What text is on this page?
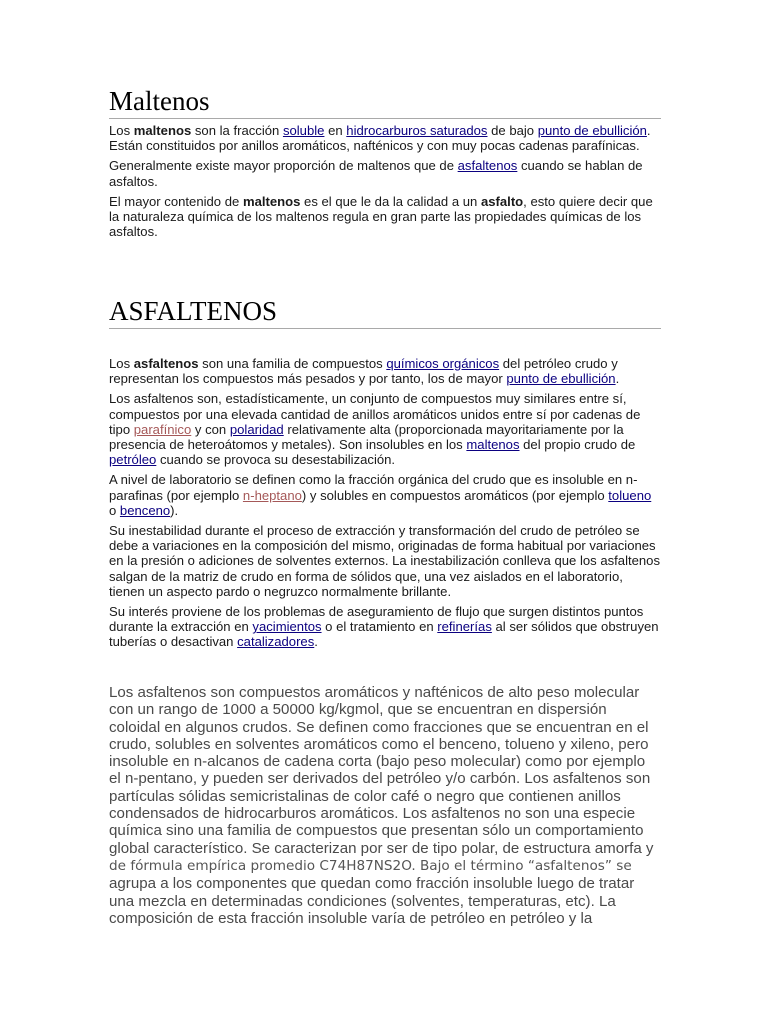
Maltenos

Los maltenos son la fracción soluble en hidrocarburos saturados de bajo punto de ebullición. Están constituidos por anillos aromáticos, nafténicos y con muy pocas cadenas parafínicas.

Generalmente existe mayor proporción de maltenos que de asfaltenos cuando se hablan de asfaltos.

El mayor contenido de maltenos es el que le da la calidad a un asfalto, esto quiere decir que la naturaleza química de los maltenos regula en gran parte las propiedades químicas de los asfaltos.

ASFALTENOS

Los asfaltenos son una familia de compuestos químicos orgánicos del petróleo crudo y representan los compuestos más pesados y por tanto, los de mayor punto de ebullición.

Los asfaltenos son, estadísticamente, un conjunto de compuestos muy similares entre sí, compuestos por una elevada cantidad de anillos aromáticos unidos entre sí por cadenas de tipo parafínico y con polaridad relativamente alta (proporcionada mayoritariamente por la presencia de heteroátomos y metales). Son insolubles en los maltenos del propio crudo de petróleo cuando se provoca su desestabilización.

A nivel de laboratorio se definen como la fracción orgánica del crudo que es insoluble en n-parafinas (por ejemplo n-heptano) y solubles en compuestos aromáticos (por ejemplo tolueno o benceno).

Su inestabilidad durante el proceso de extracción y transformación del crudo de petróleo se debe a variaciones en la composición del mismo, originadas de forma habitual por variaciones en la presión o adiciones de solventes externos. La inestabilización conlleva que los asfaltenos salgan de la matriz de crudo en forma de sólidos que, una vez aislados en el laboratorio, tienen un aspecto pardo o negruzco normalmente brillante.

Su interés proviene de los problemas de aseguramiento de flujo que surgen distintos puntos durante la extracción en yacimientos o el tratamiento en refinerías al ser sólidos que obstruyen tuberías o desactivan catalizadores.

Los asfaltenos son compuestos aromáticos y nafténicos de alto peso molecular con un rango de 1000 a 50000 kg/kgmol, que se encuentran en dispersión coloidal en algunos crudos. Se definen como fracciones que se encuentran en el crudo, solubles en solventes aromáticos como el benceno, tolueno y xileno, pero insoluble en n-alcanos de cadena corta (bajo peso molecular) como por ejemplo el n-pentano, y pueden ser derivados del petróleo y/o carbón. Los asfaltenos son partículas sólidas semicristalinas de color café o negro que contienen anillos condensados de hidrocarburos aromáticos. Los asfaltenos no son una especie química sino una familia de compuestos que presentan sólo un comportamiento global característico. Se caracterizan por ser de tipo polar, de estructura amorfa y de fórmula empírica promedio C74H87NS2O. Bajo el término “asfaltenos” se agrupa a los componentes que quedan como fracción insoluble luego de tratar una mezcla en determinadas condiciones (solventes, temperaturas, etc). La composición de esta fracción insoluble varía de petróleo en petróleo y la
